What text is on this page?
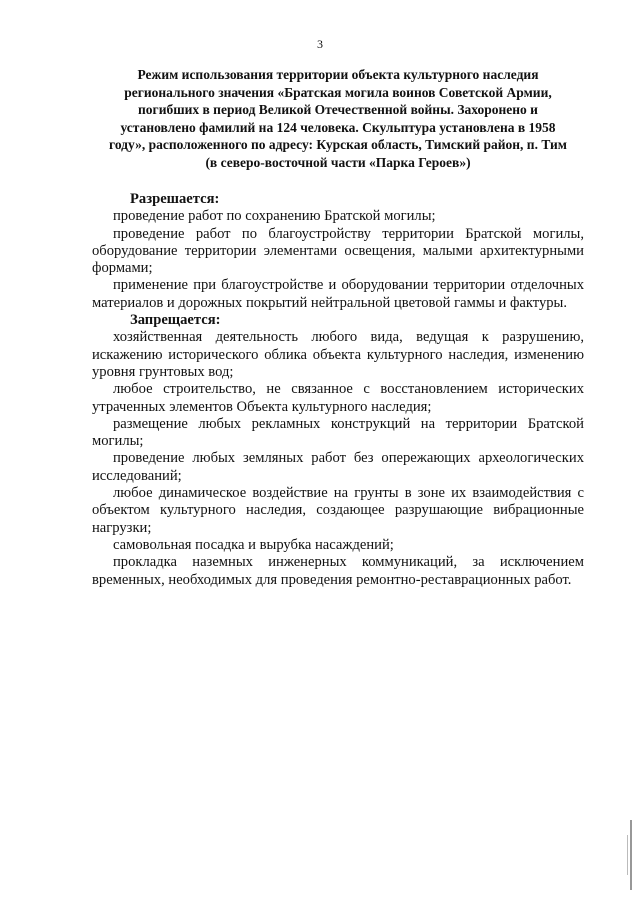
3

Режим использования территории объекта культурного наследия регионального значения «Братская могила воинов Советской Армии, погибших в период Великой Отечественной войны. Захоронено и установлено фамилий на 124 человека. Скульптура установлена в 1958 году», расположенного по адресу: Курская область, Тимский район, п. Тим (в северо-восточной части «Парка Героев»)

Разрешается:

проведение работ по сохранению Братской могилы;

проведение работ по благоустройству территории Братской могилы, оборудование территории элементами освещения, малыми архитектурными формами;

применение при благоустройстве и оборудовании территории отделочных материалов и дорожных покрытий нейтральной цветовой гаммы и фактуры.

Запрещается:

хозяйственная деятельность любого вида, ведущая к разрушению, искажению исторического облика объекта культурного наследия, изменению уровня грунтовых вод;

любое строительство, не связанное с восстановлением исторических утраченных элементов Объекта культурного наследия;

размещение любых рекламных конструкций на территории Братской могилы;

проведение любых земляных работ без опережающих археологических исследований;

любое динамическое воздействие на грунты в зоне их взаимодействия с объектом культурного наследия, создающее разрушающие вибрационные нагрузки;

самовольная посадка и вырубка насаждений;

прокладка наземных инженерных коммуникаций, за исключением временных, необходимых для проведения ремонтно-реставрационных работ.
